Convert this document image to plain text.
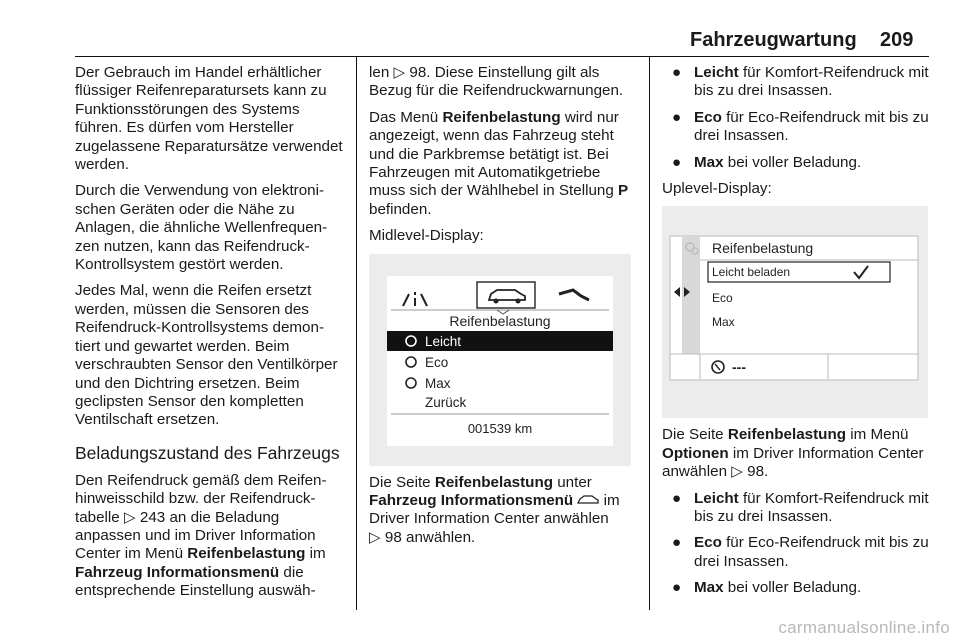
Fahrzeugwartung 209

Der Gebrauch im Handel erhältlicher flüssiger Reifenreparatursets kann zu Funktionsstörungen des Systems führen. Es dürfen vom Hersteller zugelassene Reparatursätze verwendet werden.

Durch die Verwendung von elektronischen Geräten oder die Nähe zu Anlagen, die ähnliche Wellenfrequenzen nutzen, kann das Reifendruck-Kontrollsystem gestört werden.

Jedes Mal, wenn die Reifen ersetzt werden, müssen die Sensoren des Reifendruck-Kontrollsystems demontiert und gewartet werden. Beim verschraubten Sensor den Ventilkörper und den Dichtring ersetzen. Beim geclipsten Sensor den kompletten Ventilschaft ersetzen.

Beladungszustand des Fahrzeugs

Den Reifendruck gemäß dem Reifenhinweisschild bzw. der Reifendrucktabelle ▷ 243 an die Beladung anpassen und im Driver Information Center im Menü Reifenbelastung im Fahrzeug Informationsmenü die entsprechende Einstellung auswäh-

len ▷ 98. Diese Einstellung gilt als Bezug für die Reifendruckwarnungen.

Das Menü Reifenbelastung wird nur angezeigt, wenn das Fahrzeug steht und die Parkbremse betätigt ist. Bei Fahrzeugen mit Automatikgetriebe muss sich der Wählhebel in Stellung P befinden.

Midlevel-Display:

Reifenbelastung
Leicht
Eco
Max
Zurück
001539 km

Die Seite Reifenbelastung unter Fahrzeug Informationsmenü  im Driver Information Center anwählen
▷ 98 anwählen.

● Leicht für Komfort-Reifendruck mit bis zu drei Insassen.
● Eco für Eco-Reifendruck mit bis zu drei Insassen.
● Max bei voller Beladung.

Uplevel-Display:

Reifenbelastung
Leicht beladen
Eco
Max
---

Die Seite Reifenbelastung im Menü Optionen im Driver Information Center anwählen ▷ 98.

● Leicht für Komfort-Reifendruck mit bis zu drei Insassen.
● Eco für Eco-Reifendruck mit bis zu drei Insassen.
● Max bei voller Beladung.
carmanualsonline.info
